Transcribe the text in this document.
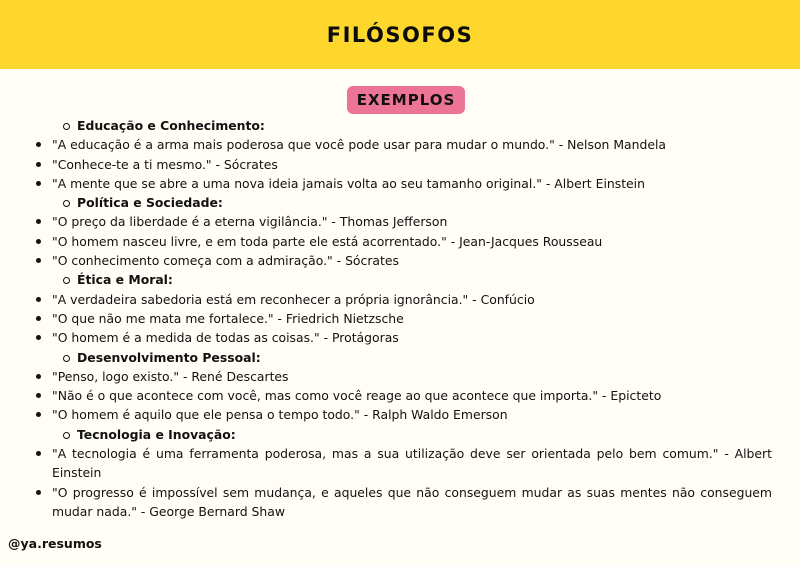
FILÓSOFOS
EXEMPLOS
Educação e Conhecimento:
"A educação é a arma mais poderosa que você pode usar para mudar o mundo." - Nelson Mandela
"Conhece-te a ti mesmo." - Sócrates
"A mente que se abre a uma nova ideia jamais volta ao seu tamanho original." - Albert Einstein
Política e Sociedade:
"O preço da liberdade é a eterna vigilância." - Thomas Jefferson
"O homem nasceu livre, e em toda parte ele está acorrentado." - Jean-Jacques Rousseau
"O conhecimento começa com a admiração." - Sócrates
Ética e Moral:
"A verdadeira sabedoria está em reconhecer a própria ignorância." - Confúcio
"O que não me mata me fortalece." - Friedrich Nietzsche
"O homem é a medida de todas as coisas." - Protágoras
Desenvolvimento Pessoal:
"Penso, logo existo." - René Descartes
"Não é o que acontece com você, mas como você reage ao que acontece que importa." - Epicteto
"O homem é aquilo que ele pensa o tempo todo." - Ralph Waldo Emerson
Tecnologia e Inovação:
"A tecnologia é uma ferramenta poderosa, mas a sua utilização deve ser orientada pelo bem comum." - Albert Einstein
"O progresso é impossível sem mudança, e aqueles que não conseguem mudar as suas mentes não conseguem mudar nada." - George Bernard Shaw
@ya.resumos
